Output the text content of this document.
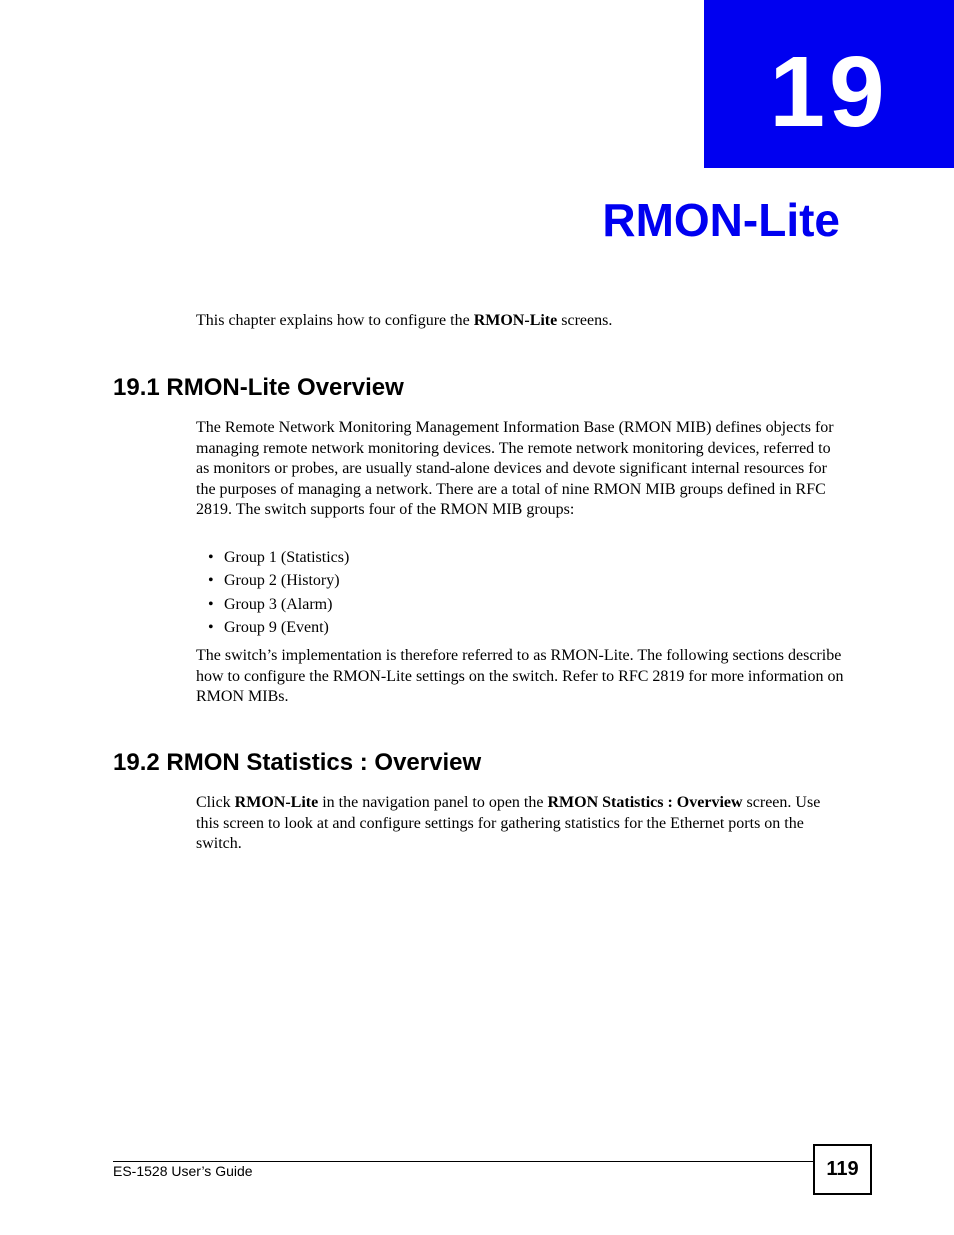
19
RMON-Lite

This chapter explains how to configure the RMON-Lite screens.

19.1 RMON-Lite Overview

The Remote Network Monitoring Management Information Base (RMON MIB) defines objects for managing remote network monitoring devices. The remote network monitoring devices, referred to as monitors or probes, are usually stand-alone devices and devote significant internal resources for the purposes of managing a network. There are a total of nine RMON MIB groups defined in RFC 2819. The switch supports four of the RMON MIB groups:

• Group 1 (Statistics)
• Group 2 (History)
• Group 3 (Alarm)
• Group 9 (Event)

The switch’s implementation is therefore referred to as RMON-Lite. The following sections describe how to configure the RMON-Lite settings on the switch. Refer to RFC 2819 for more information on RMON MIBs.

19.2 RMON Statistics : Overview

Click RMON-Lite in the navigation panel to open the RMON Statistics : Overview screen. Use this screen to look at and configure settings for gathering statistics for the Ethernet ports on the switch.

ES-1528 User’s Guide	119
